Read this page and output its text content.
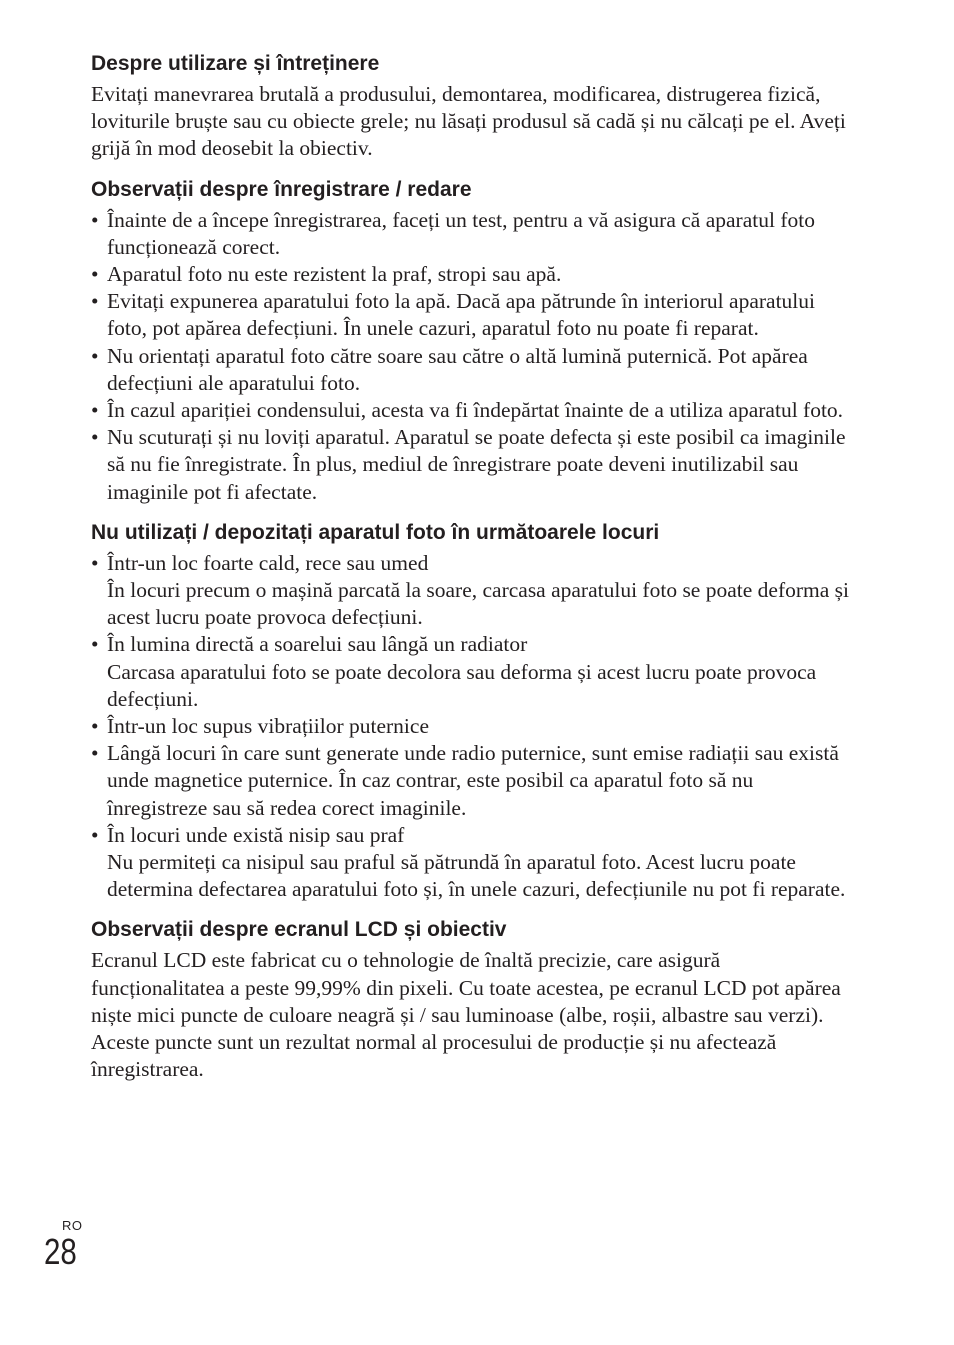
Despre utilizare și întreținere

Evitați manevrarea brutală a produsului, demontarea, modificarea, distrugerea fizică, loviturile bruște sau cu obiecte grele; nu lăsați produsul să cadă și nu călcați pe el. Aveți grijă în mod deosebit la obiectiv.

Observații despre înregistrare / redare
• Înainte de a începe înregistrarea, faceți un test, pentru a vă asigura că aparatul foto funcționează corect.
• Aparatul foto nu este rezistent la praf, stropi sau apă.
• Evitați expunerea aparatului foto la apă. Dacă apa pătrunde în interiorul aparatului foto, pot apărea defecțiuni. În unele cazuri, aparatul foto nu poate fi reparat.
• Nu orientați aparatul foto către soare sau către o altă lumină puternică. Pot apărea defecțiuni ale aparatului foto.
• În cazul apariției condensului, acesta va fi îndepărtat înainte de a utiliza aparatul foto.
• Nu scuturați și nu loviți aparatul. Aparatul se poate defecta și este posibil ca imaginile să nu fie înregistrate. În plus, mediul de înregistrare poate deveni inutilizabil sau imaginile pot fi afectate.
Nu utilizați / depozitați aparatul foto în următoarele locuri
• Într-un loc foarte cald, rece sau umed
În locuri precum o mașină parcată la soare, carcasa aparatului foto se poate deforma și acest lucru poate provoca defecțiuni.
• În lumina directă a soarelui sau lângă un radiator
Carcasa aparatului foto se poate decolora sau deforma și acest lucru poate provoca defecțiuni.
• Într-un loc supus vibrațiilor puternice
• Lângă locuri în care sunt generate unde radio puternice, sunt emise radiații sau există unde magnetice puternice. În caz contrar, este posibil ca aparatul foto să nu înregistreze sau să redea corect imaginile.
• În locuri unde există nisip sau praf
Nu permiteți ca nisipul sau praful să pătrundă în aparatul foto. Acest lucru poate determina defectarea aparatului foto și, în unele cazuri, defecțiunile nu pot fi reparate.
Observații despre ecranul LCD și obiectiv

Ecranul LCD este fabricat cu o tehnologie de înaltă precizie, care asigură funcționalitatea a peste 99,99% din pixeli. Cu toate acestea, pe ecranul LCD pot apărea niște mici puncte de culoare neagră și / sau luminoase (albe, roșii, albastre sau verzi). Aceste puncte sunt un rezultat normal al procesului de producție și nu afectează înregistrarea.

RO
28
